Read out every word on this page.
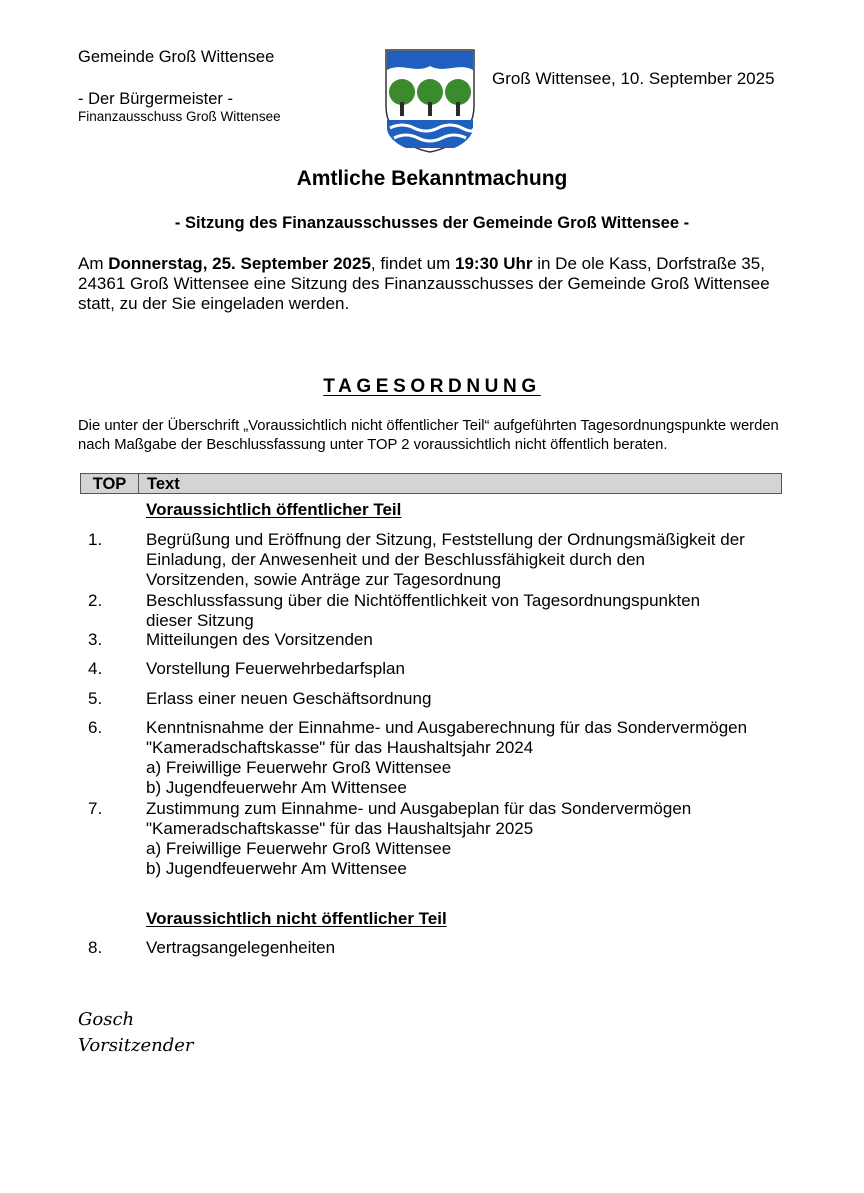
Gemeinde Groß Wittensee
- Der Bürgermeister -
Finanzausschuss Groß Wittensee
Groß Wittensee, 10. September 2025
Amtliche Bekanntmachung
- Sitzung des Finanzausschusses der Gemeinde Groß Wittensee -
Am Donnerstag, 25. September 2025, findet um 19:30 Uhr in De ole Kass, Dorfstraße 35, 24361 Groß Wittensee eine Sitzung des Finanzausschusses der Gemeinde Groß Wittensee statt, zu der Sie eingeladen werden.
TAGESORDNUNG
Die unter der Überschrift „Voraussichtlich nicht öffentlicher Teil“ aufgeführten Tagesordnungspunkte werden nach Maßgabe der Beschlussfassung unter TOP 2 voraussichtlich nicht öffentlich beraten.
TOP	Text
Voraussichtlich öffentlicher Teil
1.	Begrüßung und Eröffnung der Sitzung, Feststellung der Ordnungsmäßigkeit der
Einladung, der Anwesenheit und der Beschlussfähigkeit durch den
Vorsitzenden, sowie Anträge zur Tagesordnung
2.	Beschlussfassung über die Nichtöffentlichkeit von Tagesordnungspunkten
dieser Sitzung
3.	Mitteilungen des Vorsitzenden
4.	Vorstellung Feuerwehrbedarfsplan
5.	Erlass einer neuen Geschäftsordnung
6.	Kenntnisnahme der Einnahme- und Ausgaberechnung für das Sondervermögen
"Kameradschaftskasse" für das Haushaltsjahr 2024
a) Freiwillige Feuerwehr Groß Wittensee
b) Jugendfeuerwehr Am Wittensee
7.	Zustimmung zum Einnahme- und Ausgabeplan für das Sondervermögen
"Kameradschaftskasse" für das Haushaltsjahr 2025
a) Freiwillige Feuerwehr Groß Wittensee
b) Jugendfeuerwehr Am Wittensee
Voraussichtlich nicht öffentlicher Teil
8.	Vertragsangelegenheiten
Gosch
Vorsitzender
